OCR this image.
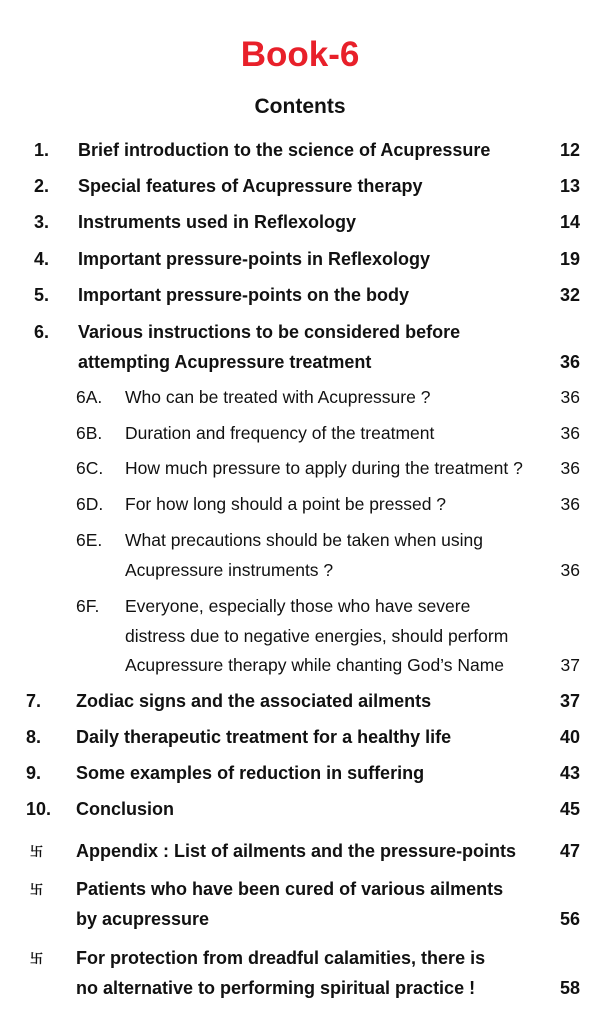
Book-6
Contents
1. Brief introduction to the science of Acupressure	12
2. Special features of Acupressure therapy	13
3. Instruments used in Reflexology	14
4. Important pressure-points in Reflexology	19
5. Important pressure-points on the body	32
6. Various instructions to be considered before
attempting Acupressure treatment	36
6A. Who can be treated with Acupressure ?	36
6B. Duration and frequency of the treatment	36
6C. How much pressure to apply during the treatment ? 36
6D. For how long should a point be pressed ?	36
6E. What precautions should be taken when using
Acupressure instruments ?	36
6F. Everyone, especially those who have severe
distress due to negative energies, should perform
Acupressure therapy while chanting God’s Name	37
7. Zodiac signs and the associated ailments	37
8. Daily therapeutic treatment for a healthy life	40
9. Some examples of reduction in suffering	43
10. Conclusion	45
卐 Appendix : List of ailments and the pressure-points 47
卐 Patients who have been cured of various ailments
by acupressure	56
卐 For protection from dreadful calamities, there is
no alternative to performing spiritual practice !	58
